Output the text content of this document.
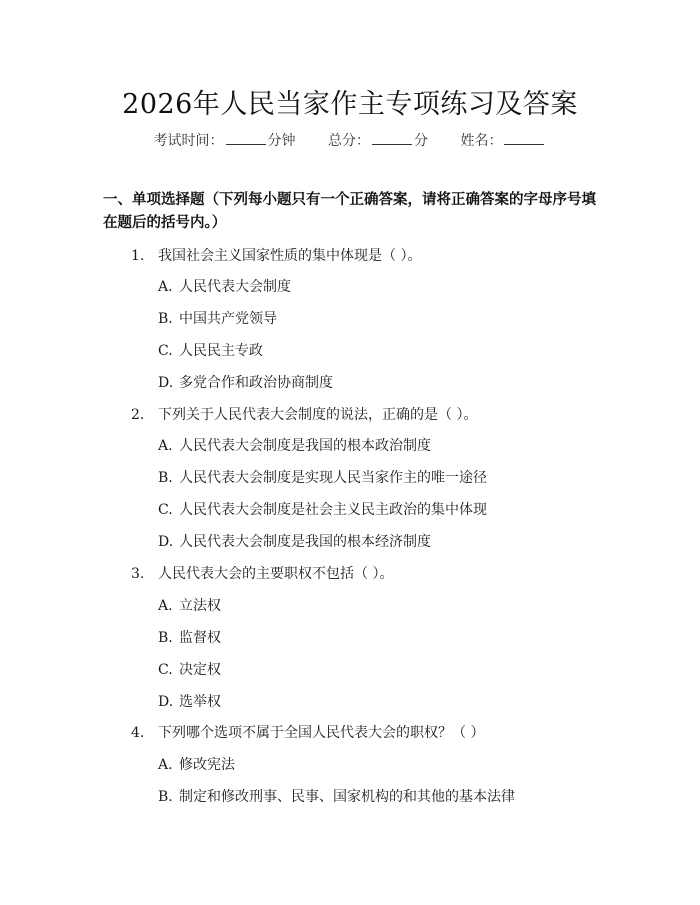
2026年人民当家作主专项练习及答案
考试时间：	分钟 总分：	分 姓名：
一、单项选择题（下列每小题只有一个正确答案，请将正确答案的字母序号填在题后的括号内。）
1. 我国社会主义国家性质的集中体现是（ ）。
A. 人民代表大会制度
B. 中国共产党领导
C. 人民民主专政
D. 多党合作和政治协商制度
2. 下列关于人民代表大会制度的说法，正确的是（ ）。
A. 人民代表大会制度是我国的根本政治制度
B. 人民代表大会制度是实现人民当家作主的唯一途径
C. 人民代表大会制度是社会主义民主政治的集中体现
D. 人民代表大会制度是我国的根本经济制度
3. 人民代表大会的主要职权不包括（ ）。
A. 立法权
B. 监督权
C. 决定权
D. 选举权
4. 下列哪个选项不属于全国人民代表大会的职权？（ ）
A. 修改宪法
B. 制定和修改刑事、民事、国家机构的和其他的基本法律
